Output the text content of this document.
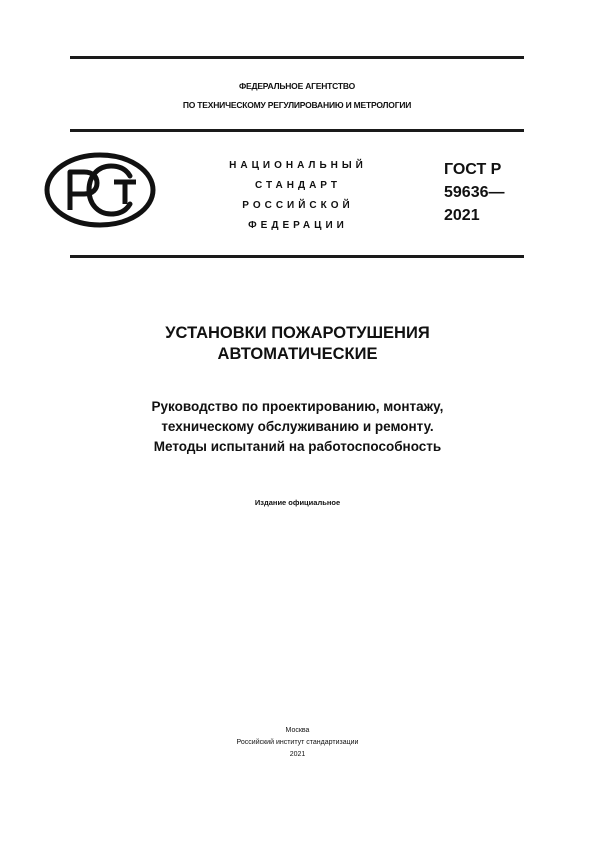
ФЕДЕРАЛЬНОЕ АГЕНТСТВО
ПО ТЕХНИЧЕСКОМУ РЕГУЛИРОВАНИЮ И МЕТРОЛОГИИ
НАЦИОНАЛЬНЫЙ
СТАНДАРТ
РОССИЙСКОЙ
ФЕДЕРАЦИИ
ГОСТ Р
59636—
2021
УСТАНОВКИ ПОЖАРОТУШЕНИЯ
АВТОМАТИЧЕСКИЕ
Руководство по проектированию, монтажу,
техническому обслуживанию и ремонту.
Методы испытаний на работоспособность
Издание официальное
Москва
Российский институт стандартизации
2021
